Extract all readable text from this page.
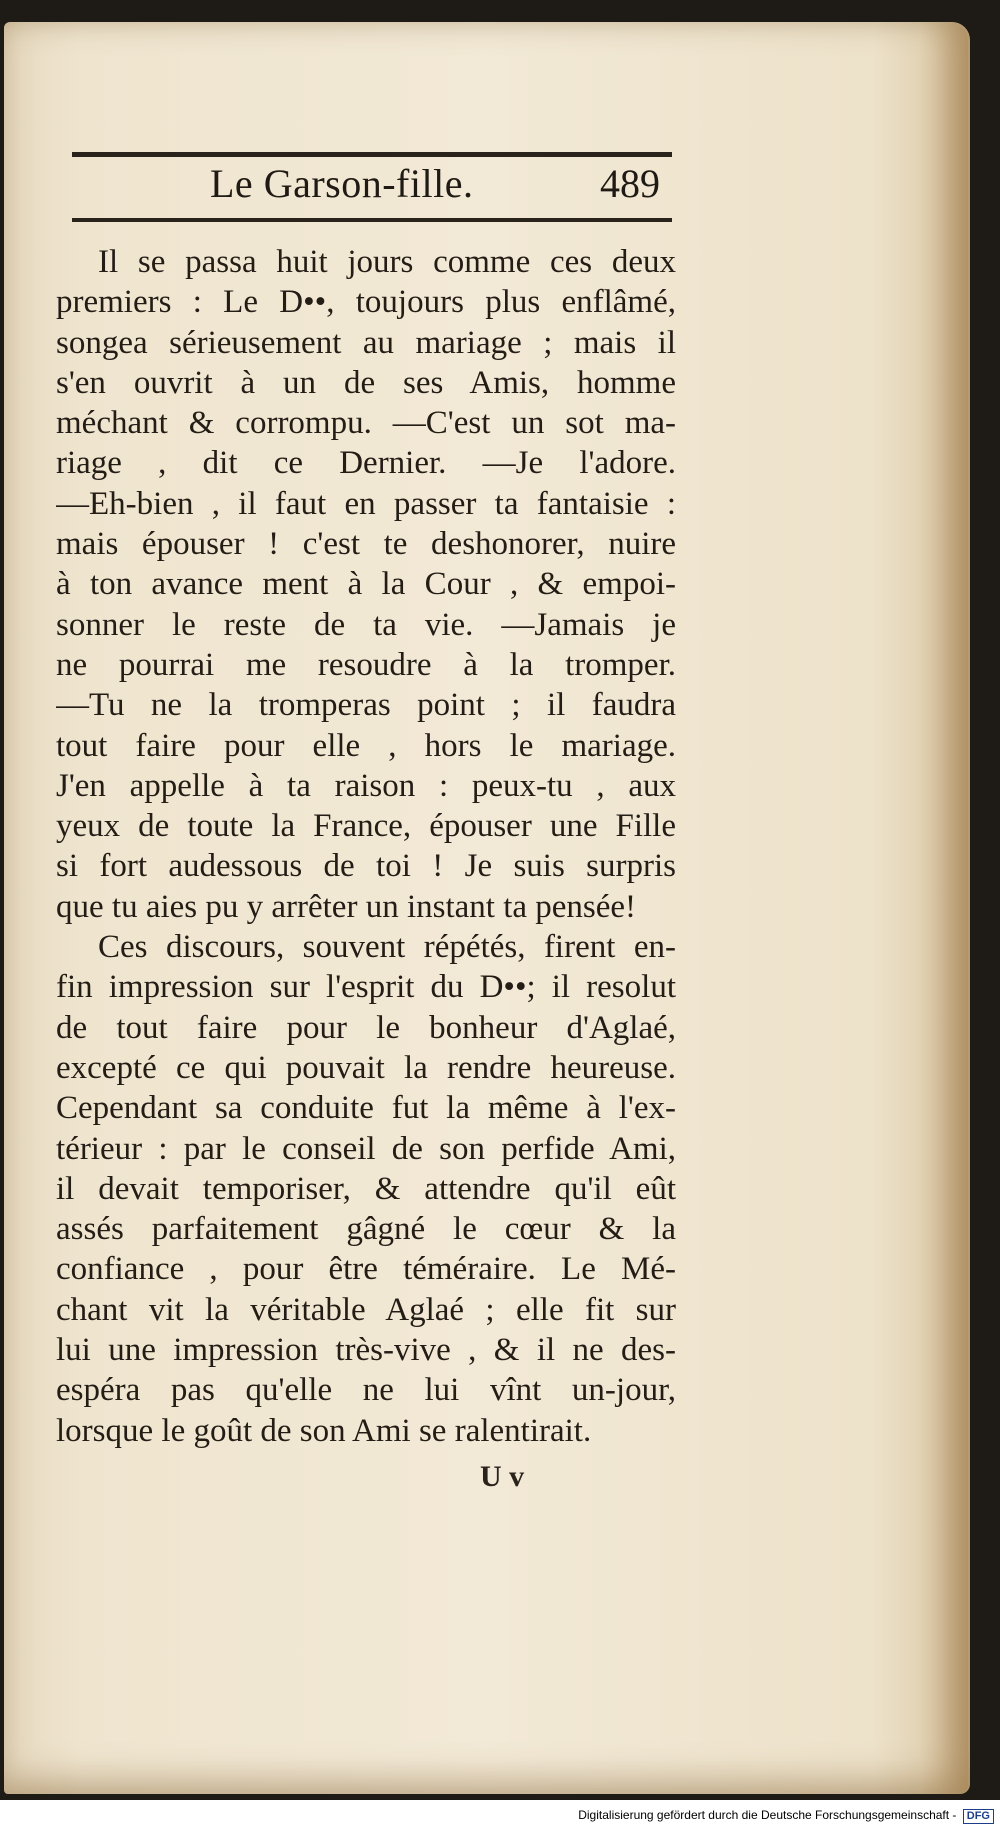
Le Garson-fille.	489
Il se passa huit jours comme ces deux
premiers : Le D••, toujours plus enflâmé,
songea sérieusement au mariage ; mais il
s'en ouvrit à un de ses Amis, homme
méchant & corrompu. —C'est un sot ma-
riage , dit ce Dernier. —Je l'adore.
—Eh-bien , il faut en passer ta fantaisie :
mais épouser ! c'est te deshonorer, nuire
à ton avance ment à la Cour , & empoi-
sonner le reste de ta vie. —Jamais je
ne pourrai me resoudre à la tromper.
—Tu ne la tromperas point ; il faudra
tout faire pour elle , hors le mariage.
J'en appelle à ta raison : peux-tu , aux
yeux de toute la France, épouser une Fille
si fort audessous de toi ! Je suis surpris
que tu aies pu y arrêter un instant ta pensée!
Ces discours, souvent répétés, firent en-
fin impression sur l'esprit du D••; il resolut
de tout faire pour le bonheur d'Aglaé,
excepté ce qui pouvait la rendre heureuse.
Cependant sa conduite fut la même à l'ex-
térieur : par le conseil de son perfide Ami,
il devait temporiser, & attendre qu'il eût
assés parfaitement gâgné le cœur & la
confiance , pour être téméraire. Le Mé-
chant vit la véritable Aglaé ; elle fit sur
lui une impression très-vive , & il ne des-
espéra pas qu'elle ne lui vînt un-jour,
lorsque le goût de son Ami se ralentirait.
U v
Digitalisierung gefördert durch die Deutsche Forschungsgemeinschaft - DFG
